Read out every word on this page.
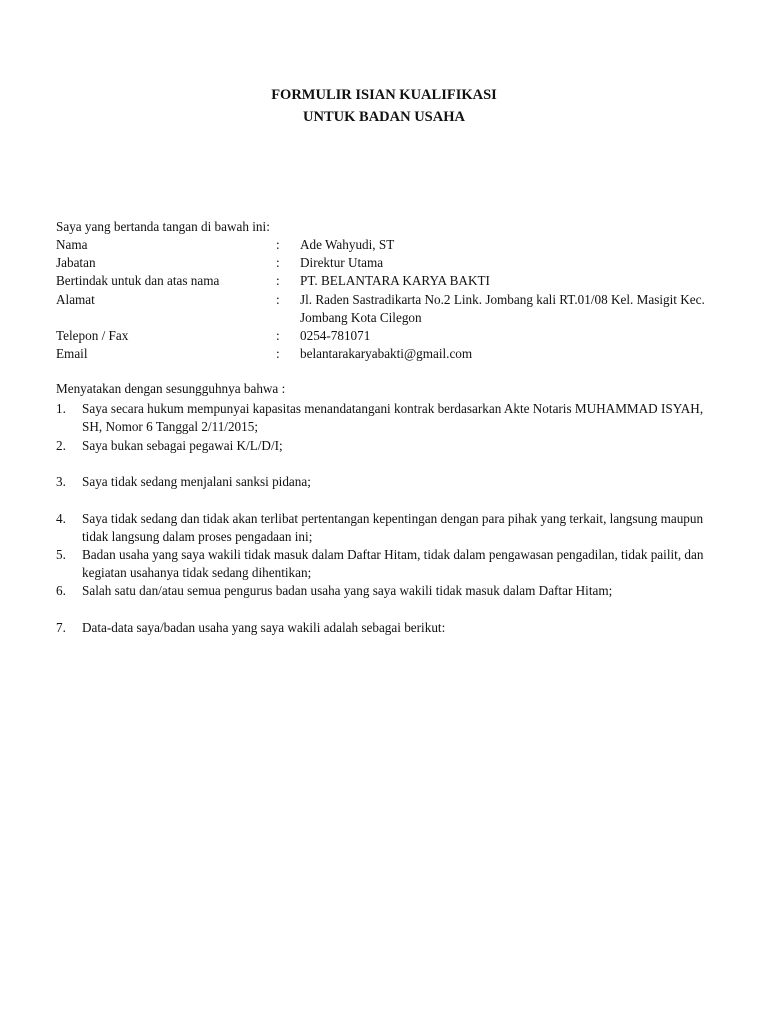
FORMULIR ISIAN KUALIFIKASI
UNTUK BADAN USAHA
Saya yang bertanda tangan di bawah ini:
Nama	: Ade Wahyudi, ST
Jabatan	: Direktur Utama
Bertindak untuk dan atas nama	: PT. BELANTARA KARYA BAKTI
Alamat	: Jl. Raden Sastradikarta No.2 Link. Jombang kali RT.01/08 Kel. Masigit Kec. Jombang Kota Cilegon
Telepon / Fax	: 0254-781071
Email	: belantarakaryabakti@gmail.com
Menyatakan dengan sesungguhnya bahwa :
1. Saya secara hukum mempunyai kapasitas menandatangani kontrak berdasarkan Akte Notaris MUHAMMAD ISYAH, SH, Nomor 6 Tanggal 2/11/2015;
2. Saya bukan sebagai pegawai K/L/D/I;
3. Saya tidak sedang menjalani sanksi pidana;
4. Saya tidak sedang dan tidak akan terlibat pertentangan kepentingan dengan para pihak yang terkait, langsung maupun tidak langsung dalam proses pengadaan ini;
5. Badan usaha yang saya wakili tidak masuk dalam Daftar Hitam, tidak dalam pengawasan pengadilan, tidak pailit, dan kegiatan usahanya tidak sedang dihentikan;
6. Salah satu dan/atau semua pengurus badan usaha yang saya wakili tidak masuk dalam Daftar Hitam;
7. Data-data saya/badan usaha yang saya wakili adalah sebagai berikut:
